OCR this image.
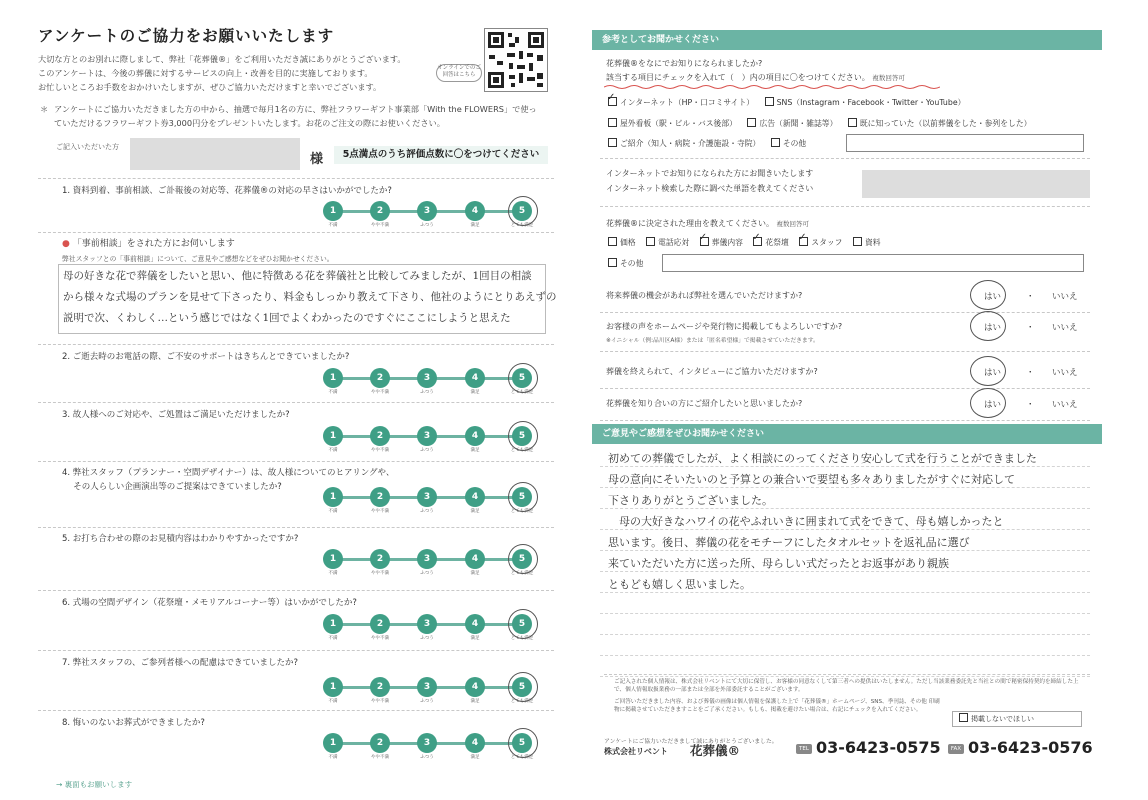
アンケートのご協力をお願いいたします
大切な方とのお別れに際しまして、弊社「花葬儀®」をご利用いただき誠にありがとうございます。
このアンケートは、今後の葬儀に対するサービスの向上・改善を目的に実施しております。
お忙しいところお手数をおかけいたしますが、ぜひご協力いただけますと幸いでございます。
＊ アンケートにご協力いただきました方の中から、抽選で毎月1名の方に、弊社フラワーギフト事業部「With the FLOWERS」で使っていただけるフラワーギフト券3,000円分をプレゼントいたします。お花のご注文の際にお使いください。
オンラインでのご回答はこちら
ご記入いただいた方
様	5点満点のうち評価点数に〇をつけてください
1. 資料到着、事前相談、ご訃報後の対応等、花葬儀®の対応の早さはいかがでしたか?
1
不満
2
やや不満
3
ふつう
4
満足
5
とても満足
● 「事前相談」をされた方にお伺いします
弊社スタッフとの「事前相談」について、ご意見やご感想などをぜひお聞かせください。
母の好きな花で葬儀をしたいと思い、他に特徴ある花を葬儀社と比較してみましたが、1回目の相談
から様々な式場のプランを見せて下さったり、料金もしっかり教えて下さり、他社のようにとりあえずの
説明で次、くわしく…という感じではなく1回でよくわかったのですぐにここにしようと思えた
2. ご逝去時のお電話の際、ご不安のサポートはきちんとできていましたか?
1
不満
2
やや不満
3
ふつう
4
満足
5
とても満足
3. 故人様へのご対応や、ご処置はご満足いただけましたか?
1
不満
2
やや不満
3
ふつう
4
満足
5
とても満足
4. 弊社スタッフ（プランナー・空間デザイナー）は、故人様についてのヒアリングや、
　 その人らしい企画演出等のご提案はできていましたか?
1
不満
2
やや不満
3
ふつう
4
満足
5
とても満足
5. お打ち合わせの際のお見積内容はわかりやすかったですか?
1
不満
2
やや不満
3
ふつう
4
満足
5
とても満足
6. 式場の空間デザイン（花祭壇・メモリアルコーナー等）はいかがでしたか?
1
不満
2
やや不満
3
ふつう
4
満足
5
とても満足
7. 弊社スタッフの、ご参列者様への配慮はできていましたか?
1
不満
2
やや不満
3
ふつう
4
満足
5
とても満足
8. 悔いのないお葬式ができましたか?
1
不満
2
やや不満
3
ふつう
4
満足
5
とても満足
→ 裏面もお願いします
参考としてお聞かせください
花葬儀®をなにでお知りになられましたか?
該当する項目にチェックを入れて（　）内の項目に〇をつけてください。 複数回答可
✓ インターネット（HP・口コミサイト）	SNS（Instagram・Facebook・Twitter・YouTube）
屋外看板（駅・ビル・バス後部）	広告（新聞・雑誌等）	既に知っていた（以前葬儀をした・参列をした）
ご紹介（知人・病院・介護施設・寺院）	その他
インターネットでお知りになられた方にお聞きいたします
インターネット検索した際に調べた単語を教えてください
花葬儀®に決定された理由を教えてください。 複数回答可
価格	電話応対 ✓ 葬儀内容 ✓ 花祭壇 ✓ スタッフ	資料
その他
将来葬儀の機会があれば弊社を選んでいただけますか?	はい	・ いいえ
お客様の声をホームページや発行物に掲載してもよろしいですか?
※イニシャル（例:品川区A様）または「匿名希望様」で掲載させていただきます。
はい	・ いいえ
葬儀を終えられて、インタビューにご協力いただけますか?	はい	・ いいえ
花葬儀を知り合いの方にご紹介したいと思いましたか?	はい	・ いいえ
ご意見やご感想をぜひお聞かせください
初めての葬儀でしたが、よく相談にのってくださり安心して式を行うことができました
母の意向にそいたいのと予算との兼合いで要望も多々ありましたがすぐに対応して
下さりありがとうございました。
　母の大好きなハワイの花やふれいきに囲まれて式をできて、母も嬉しかったと
思います。後日、葬儀の花をモチーフにしたタオルセットを返礼品に選び
来ていただいた方に送った所、母らしい式だったとお返事があり親族
ともども嬉しく思いました。
ご記入された個人情報は、株式会社リベントにて大切に保管し、お客様の同意なくして第三者への提供はいたしません。ただし当該業務委託先と当社との間で秘密保持契約を締結した上で、個人情報取扱業務の一部または全部を外部委託することがございます。
ご回答いただきました内容、および葬儀の画像は個人情報を保護した上で「花葬儀®」ホームページ、SNS、季刊誌、その他 印刷物に掲載させていただきますことをご了承ください。もしも、掲載を避けたい場合は、右記にチェックを入れてください。
掲載しないでほしい
アンケートにご協力いただきまして誠にありがとうございました。
株式会社リベント 花葬儀®	TEL 03-6423-0575	FAX 03-6423-0576
